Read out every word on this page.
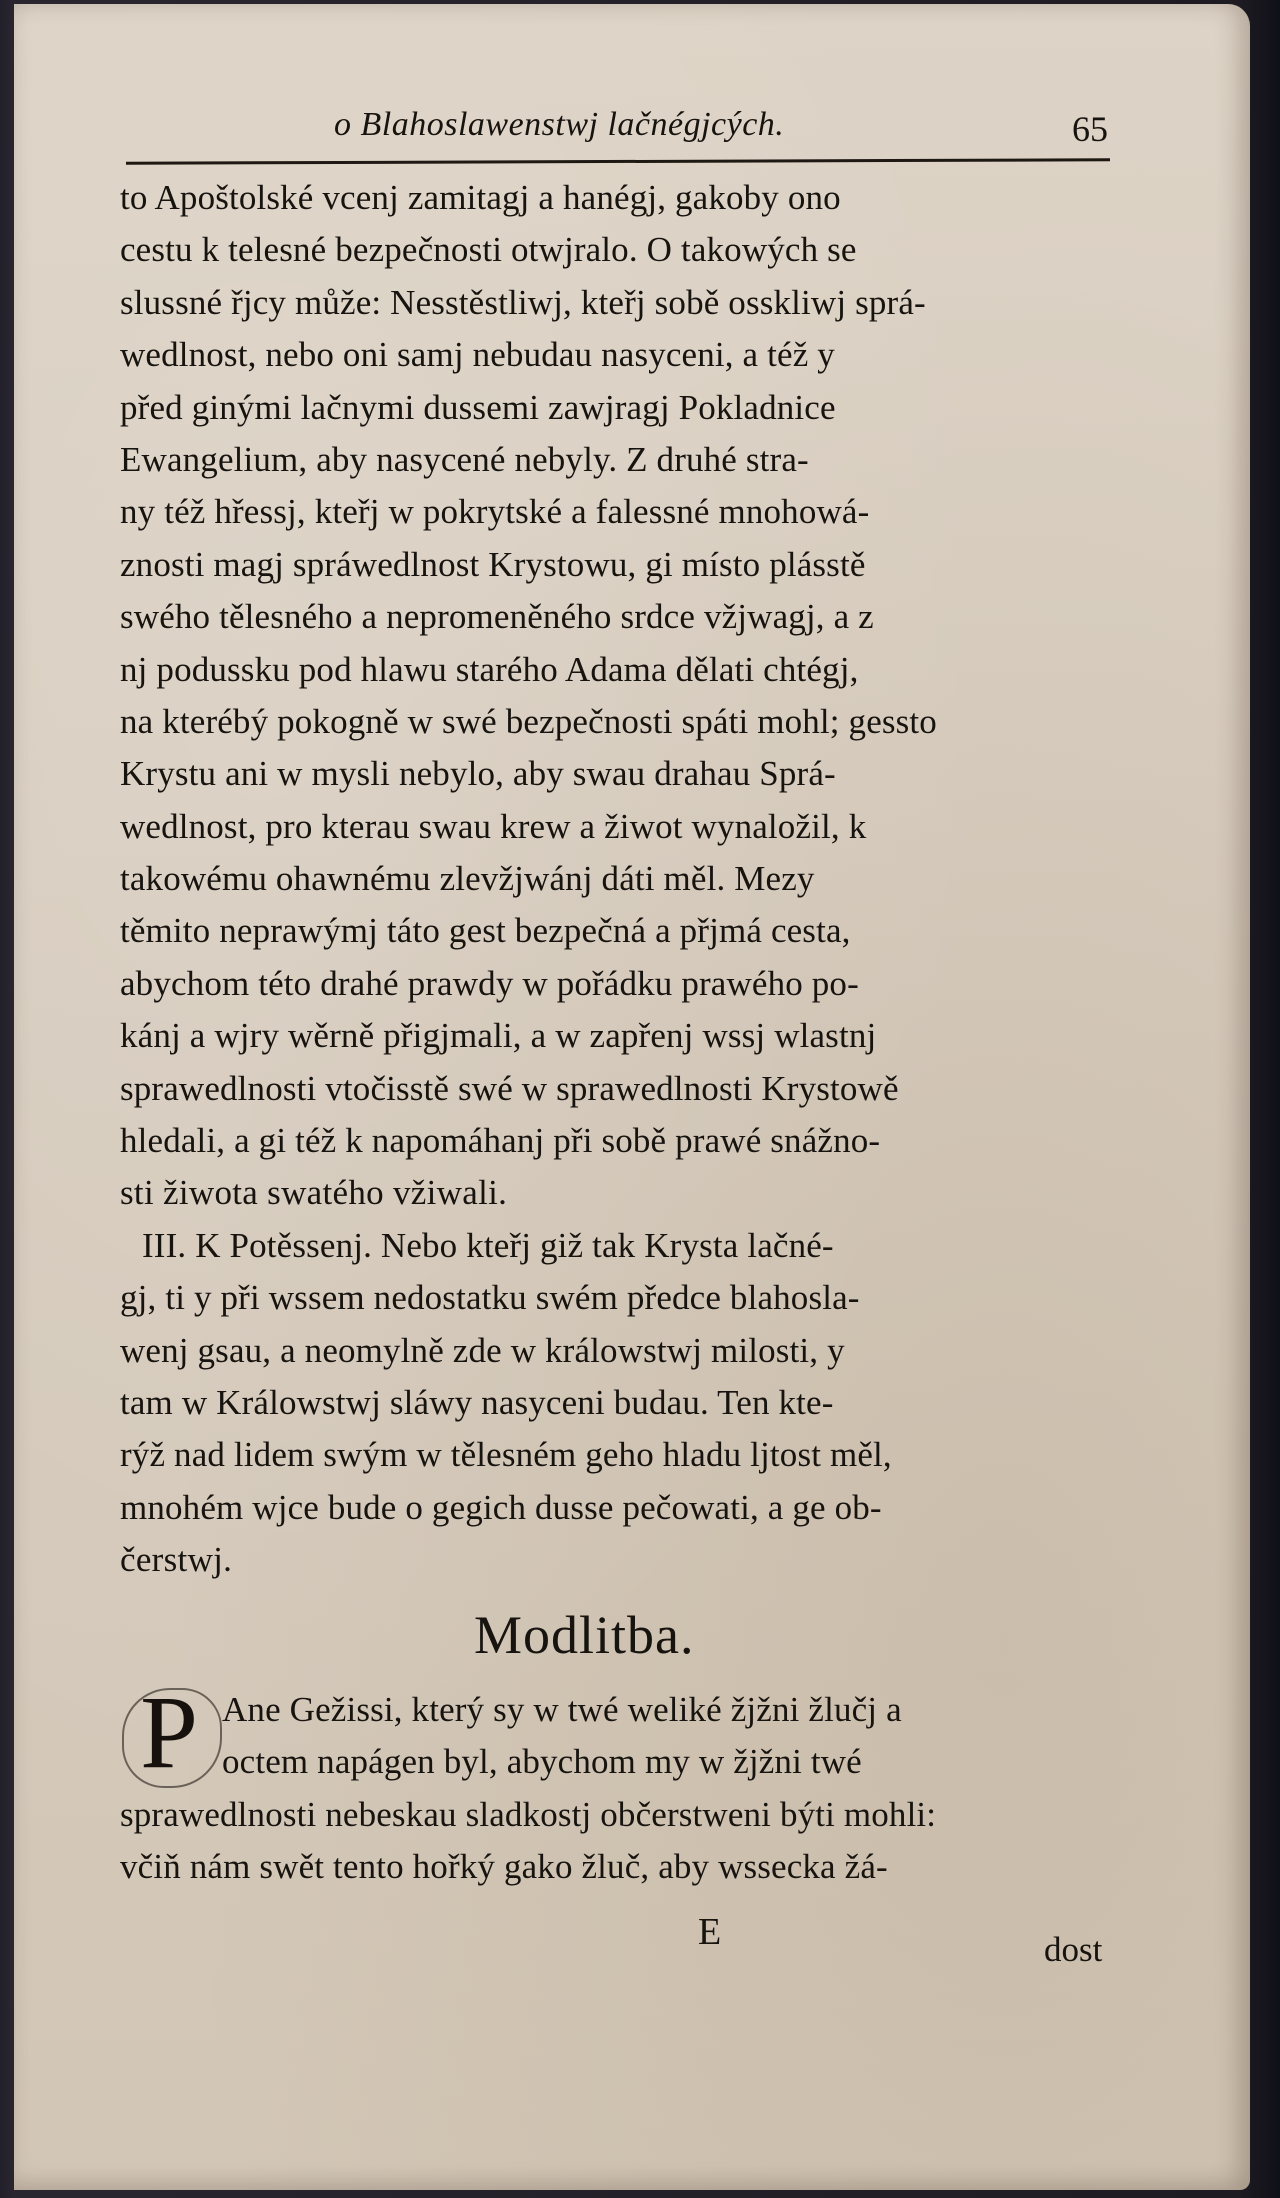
o Blahoslawenstwj lačnégjcých.	65
to Apoštolské vcenj zamitagj a hanégj, gakoby ono
cestu k telesné bezpečnosti otwjralo. O takowých se
slussné řjcy může: Nesstěstliwj, kteřj sobě osskliwj sprá-
wedlnost, nebo oni samj nebudau nasyceni, a též y
před ginými lačnymi dussemi zawjragj Pokladnice
Ewangelium, aby nasycené nebyly. Z druhé stra-
ny též hřessj, kteřj w pokrytské a falessné mnohowá-
znosti magj spráwedlnost Krystowu, gi místo plásstě
swého tělesného a nepromeněného srdce vžjwagj, a z
nj podussku pod hlawu starého Adama dělati chtégj,
na kterébý pokogně w swé bezpečnosti spáti mohl; gessto
Krystu ani w mysli nebylo, aby swau drahau Sprá-
wedlnost, pro kterau swau krew a žiwot wynaložil, k
takowému ohawnému zlevžjwánj dáti měl. Mezy
těmito neprawýmj táto gest bezpečná a přjmá cesta,
abychom této drahé prawdy w pořádku prawého po-
kánj a wjry wěrně přigjmali, a w zapřenj wssj wlastnj
sprawedlnosti vtočisstě swé w sprawedlnosti Krystowě
hledali, a gi též k napomáhanj při sobě prawé snážno-
sti žiwota swatého vžiwali.
III. K Potěssenj. Nebo kteřj giž tak Krysta lačné-
gj, ti y při wssem nedostatku swém předce blahosla-
wenj gsau, a neomylně zde w králowstwj milosti, y
tam w Králowstwj sláwy nasyceni budau. Ten kte-
rýž nad lidem swým w tělesném geho hladu ljtost měl,
mnohém wjce bude o gegich dusse pečowati, a ge ob-
čerstwj.
Modlitba.
P Ane Gežissi, který sy w twé weliké žjžni žlučj a
octem napágen byl, abychom my w žjžni twé
sprawedlnosti nebeskau sladkostj občerstweni býti mohli:
včiň nám swět tento hořký gako žluč, aby wssecka žá-
E	dost
